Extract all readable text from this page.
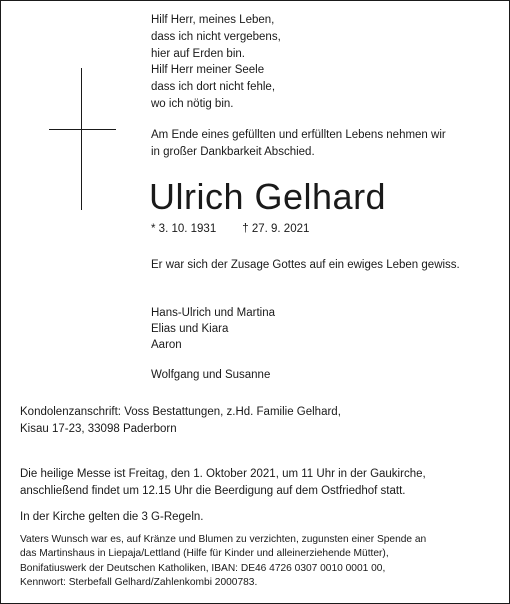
Hilf Herr, meines Leben,
dass ich nicht vergebens,
hier auf Erden bin.
Hilf Herr meiner Seele
dass ich dort nicht fehle,
wo ich nötig bin.
Am Ende eines gefüllten und erfüllten Lebens nehmen wir
in großer Dankbarkeit Abschied.
Ulrich Gelhard
* 3. 10. 1931 † 27. 9. 2021
Er war sich der Zusage Gottes auf ein ewiges Leben gewiss.
Hans-Ulrich und Martina
Elias und Kiara
Aaron
Wolfgang und Susanne
Kondolenzanschrift: Voss Bestattungen, z.Hd. Familie Gelhard,
Kisau 17-23, 33098 Paderborn
Die heilige Messe ist Freitag, den 1. Oktober 2021, um 11 Uhr in der Gaukirche,
anschließend findet um 12.15 Uhr die Beerdigung auf dem Ostfriedhof statt.
In der Kirche gelten die 3 G-Regeln.
Vaters Wunsch war es, auf Kränze und Blumen zu verzichten, zugunsten einer Spende an
das Martinshaus in Liepaja/Lettland (Hilfe für Kinder und alleinerziehende Mütter),
Bonifatiuswerk der Deutschen Katholiken, IBAN: DE46 4726 0307 0010 0001 00,
Kennwort: Sterbefall Gelhard/Zahlenkombi 2000783.
